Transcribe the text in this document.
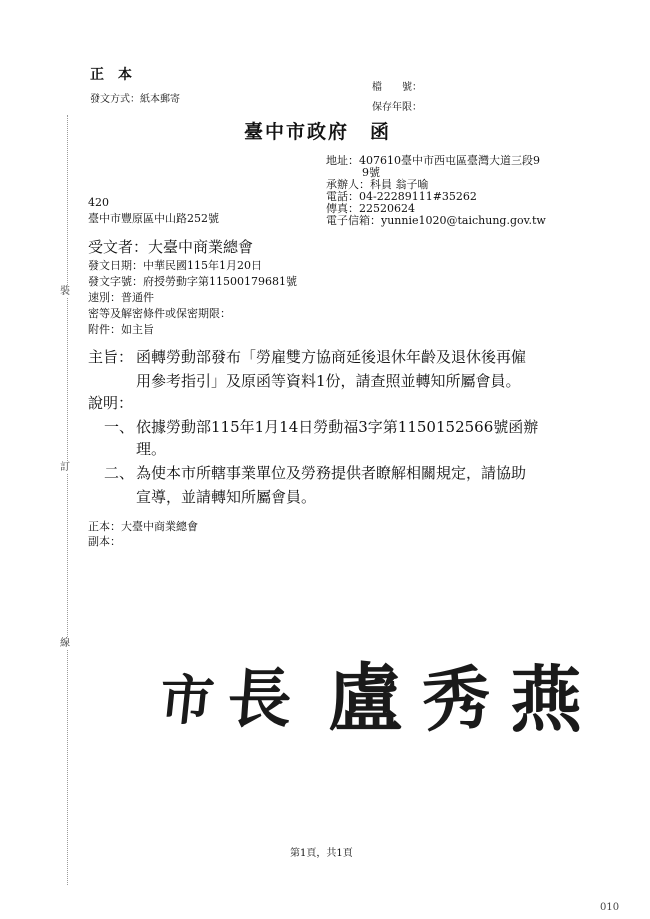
裝
訂
線
正　本
發文方式：紙本郵寄
檔　　號：
保存年限：
臺中市政府　函
地址：407610臺中市西屯區臺灣大道三段9
9號
承辦人：科員 翁子喻
電話：04-22289111#35262
傳真：22520624
電子信箱：yunnie1020@taichung.gov.tw
420
臺中市豐原區中山路252號
受文者：大臺中商業總會
發文日期：中華民國115年1月20日
發文字號：府授勞動字第11500179681號
速別：普通件
密等及解密條件或保密期限：
附件：如主旨
主旨： 函轉勞動部發布「勞雇雙方協商延後退休年齡及退休後再僱
用參考指引」及原函等資料1份，請查照並轉知所屬會員。
說明：
一、 依據勞動部115年1月14日勞動福3字第1150152566號函辦
理。
二、 為使本市所轄事業單位及勞務提供者瞭解相關規定，請協助
宣導，並請轉知所屬會員。
正本：大臺中商業總會
副本：
市 長 盧 秀 燕
第1頁，共1頁
010
